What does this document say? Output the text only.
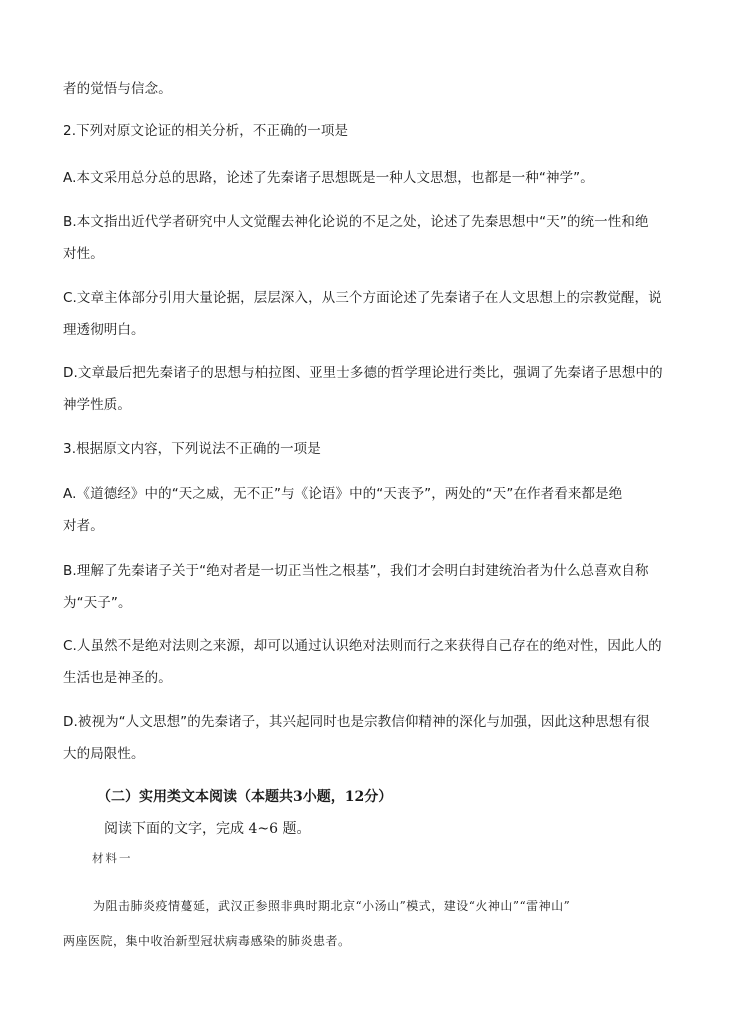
者的觉悟与信念。
2.下列对原文论证的相关分析，不正确的一项是
A.本文采用总分总的思路，论述了先秦诸子思想既是一种人文思想，也都是一种“神学”。
B.本文指出近代学者研究中人文觉醒去神化论说的不足之处，论述了先秦思想中“天”的统一性和绝
对性。
C.文章主体部分引用大量论据，层层深入，从三个方面论述了先秦诸子在人文思想上的宗教觉醒，说
理透彻明白。
D.文章最后把先秦诸子的思想与柏拉图、亚里士多德的哲学理论进行类比，强调了先秦诸子思想中的
神学性质。
3.根据原文内容，下列说法不正确的一项是
A.《道德经》中的“天之威，无不正”与《论语》中的“天丧予”，两处的“天”在作者看来都是绝
对者。
B.理解了先秦诸子关于“绝对者是一切正当性之根基”，我们才会明白封建统治者为什么总喜欢自称
为“天子”。
C.人虽然不是绝对法则之来源，却可以通过认识绝对法则而行之来获得自己存在的绝对性，因此人的
生活也是神圣的。
D.被视为“人文思想”的先秦诸子，其兴起同时也是宗教信仰精神的深化与加强，因此这种思想有很
大的局限性。
（二）实用类文本阅读（本题共3小题，12分）
阅读下面的文字，完成 4~6 题。
材料一
为阻击肺炎疫情蔓延，武汉正参照非典时期北京“小汤山”模式，建设“火神山”“雷神山”
两座医院，集中收治新型冠状病毒感染的肺炎患者。
